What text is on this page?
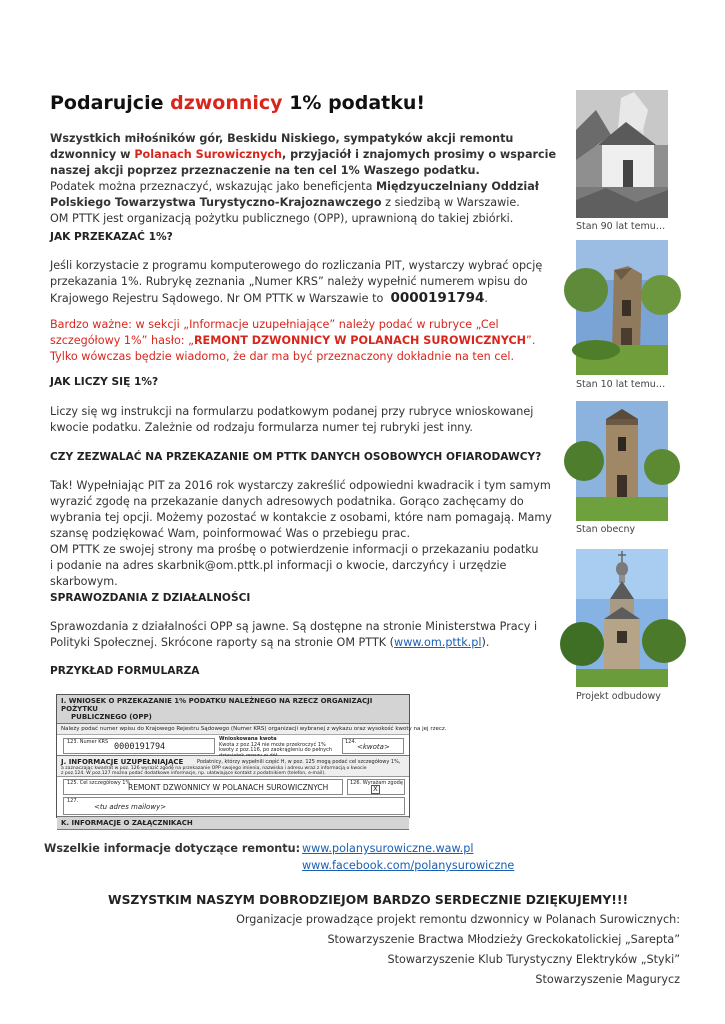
Podarujcie dzwonnicy 1% podatku!
Wszystkich miłośników gór, Beskidu Niskiego, sympatyków akcji remontu
dzwonnicy w Polanach Surowicznych, przyjaciół i znajomych prosimy o wsparcie
naszej akcji poprzez przeznaczenie na ten cel 1% Waszego podatku.
Podatek można przeznaczyć, wskazując jako beneficjenta Międzyuczelniany Oddział
Polskiego Towarzystwa Turystyczno-Krajoznawczego z siedzibą w Warszawie.
OM PTTK jest organizacją pożytku publicznego (OPP), uprawnioną do takiej zbiórki.
JAK PRZEKAZAĆ 1%?
Jeśli korzystacie z programu komputerowego do rozliczania PIT, wystarczy wybrać opcję
przekazania 1%. Rubrykę zeznania „Numer KRS” należy wypełnić numerem wpisu do
Krajowego Rejestru Sądowego. Nr OM PTTK w Warszawie to 0000191794.
Bardzo ważne: w sekcji „Informacje uzupełniające” należy podać w rubryce „Cel
szczegółowy 1%” hasło: „REMONT DZWONNICY W POLANACH SUROWICZNYCH”.
Tylko wówczas będzie wiadomo, że dar ma być przeznaczony dokładnie na ten cel.
JAK LICZY SIĘ 1%?
Liczy się wg instrukcji na formularzu podatkowym podanej przy rubryce wnioskowanej
kwocie podatku. Zależnie od rodzaju formularza numer tej rubryki jest inny.
CZY ZEZWALAĆ NA PRZEKAZANIE OM PTTK DANYCH OSOBOWYCH OFIARODAWCY?
Tak! Wypełniając PIT za 2016 rok wystarczy zakreślić odpowiedni kwadracik i tym samym
wyrazić zgodę na przekazanie danych adresowych podatnika. Gorąco zachęcamy do
wybrania tej opcji. Możemy pozostać w kontakcie z osobami, które nam pomagają. Mamy
szansę podziękować Wam, poinformować Was o przebiegu prac.
OM PTTK ze swojej strony ma prośbę o potwierdzenie informacji o przekazaniu podatku
i podanie na adres skarbnik@om.pttk.pl informacji o kwocie, darczyńcy i urzędzie
skarbowym.
SPRAWOZDANIA Z DZIAŁALNOŚCI
Sprawozdania z działalności OPP są jawne. Są dostępne na stronie Ministerstwa Pracy i
Polityki Społecznej. Skrócone raporty są na stronie OM PTTK (www.om.pttk.pl).
PRZYKŁAD FORMULARZA
I. WNIOSEK O PRZEKAZANIE 1% PODATKU NALEŻNEGO NA RZECZ ORGANIZACJI POŻYTKU
PUBLICZNEGO (OPP)
Należy podać numer wpisu do Krajowego Rejestru Sądowego (Numer KRS) organizacji wybranej z wykazu oraz wysokość kwoty na jej rzecz.
123. Numer KRS 0000191794
Wnioskowana kwota
Kwota z poz.124 nie może przekroczyć 1% kwoty z poz.116, po zaokrągleniu do pełnych
124.
<kwota>
J. INFORMACJE UZUPEŁNIAJĄCE	Podatnicy, którzy wypełnili część H, w poz. 125 mogą podać cel szczegółowy 1%,
a zaznaczając kwadrat w poz. 126 wyrazić zgodę na przekazanie OPP swojego imienia, nazwiska i adresu wraz z informacją o kwocie
z poz.124. W poz.127 można podać dodatkowe informacje, np. ułatwiające kontakt z podatnikiem (telefon, e-mail).
125. Cel szczegółowy 1%
REMONT DZWONNICY W POLANACH SUROWICZNYCH	126. Wyrażam zgodę
X
127.
<tu adres mailowy>
K. INFORMACJE O ZAŁĄCZNIKACH
Wszelkie informacje dotyczące remontu: www.polanysurowiczne.waw.pl
www.facebook.com/polanysurowiczne
WSZYSTKIM NASZYM DOBRODZIEJOM BARDZO SERDECZNIE DZIĘKUJEMY!!!
Organizacje prowadzące projekt remontu dzwonnicy w Polanach Surowicznych:
Stowarzyszenie Bractwa Młodzieży Greckokatolickiej „Sarepta”
Stowarzyszenie Klub Turystyczny Elektryków „Styki”
Stowarzyszenie Magurycz
Stan 90 lat temu…
Stan 10 lat temu…
Stan obecny
Projekt odbudowy
